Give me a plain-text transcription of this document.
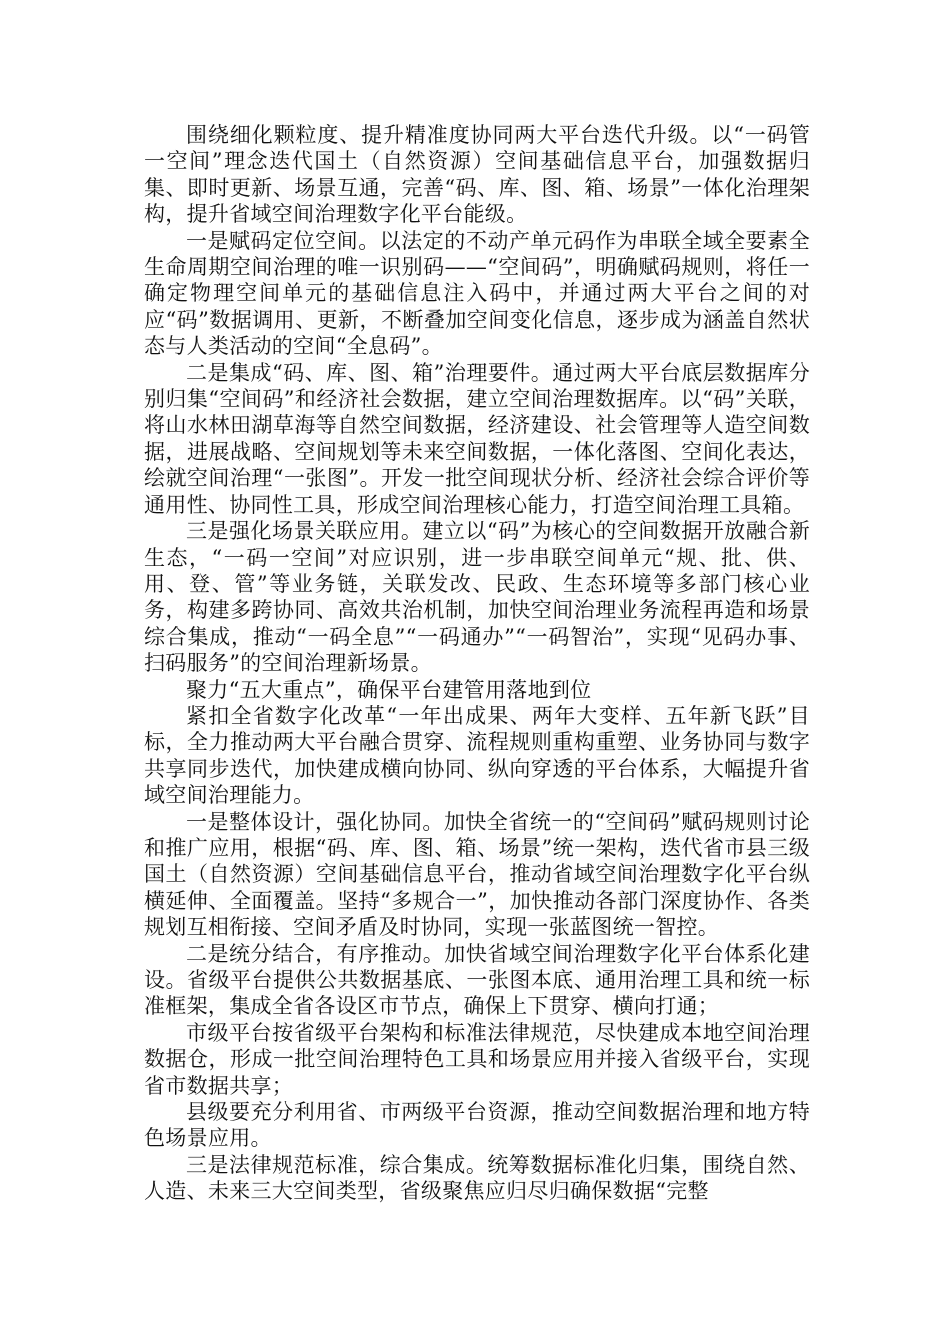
围绕细化颗粒度、提升精准度协同两大平台迭代升级。以“一码管一空间”理念迭代国土（自然资源）空间基础信息平台，加强数据归集、即时更新、场景互通，完善“码、库、图、箱、场景”一体化治理架构，提升省域空间治理数字化平台能级。

一是赋码定位空间。以法定的不动产单元码作为串联全域全要素全生命周期空间治理的唯一识别码——“空间码”，明确赋码规则，将任一确定物理空间单元的基础信息注入码中，并通过两大平台之间的对应“码”数据调用、更新，不断叠加空间变化信息，逐步成为涵盖自然状态与人类活动的空间“全息码”。

二是集成“码、库、图、箱”治理要件。通过两大平台底层数据库分别归集“空间码”和经济社会数据，建立空间治理数据库。以“码”关联，将山水林田湖草海等自然空间数据，经济建设、社会管理等人造空间数据，进展战略、空间规划等未来空间数据，一体化落图、空间化表达，绘就空间治理“一张图”。开发一批空间现状分析、经济社会综合评价等通用性、协同性工具，形成空间治理核心能力，打造空间治理工具箱。

三是强化场景关联应用。建立以“码”为核心的空间数据开放融合新生态，“一码一空间”对应识别，进一步串联空间单元“规、批、供、用、登、管”等业务链，关联发改、民政、生态环境等多部门核心业务，构建多跨协同、高效共治机制，加快空间治理业务流程再造和场景综合集成，推动“一码全息”“一码通办”“一码智治”，实现“见码办事、扫码服务”的空间治理新场景。

聚力“五大重点”，确保平台建管用落地到位

紧扣全省数字化改革“一年出成果、两年大变样、五年新飞跃”目标，全力推动两大平台融合贯穿、流程规则重构重塑、业务协同与数字共享同步迭代，加快建成横向协同、纵向穿透的平台体系，大幅提升省域空间治理能力。

一是整体设计，强化协同。加快全省统一的“空间码”赋码规则讨论和推广应用，根据“码、库、图、箱、场景”统一架构，迭代省市县三级国土（自然资源）空间基础信息平台，推动省域空间治理数字化平台纵横延伸、全面覆盖。坚持“多规合一”，加快推动各部门深度协作、各类规划互相衔接、空间矛盾及时协同，实现一张蓝图统一智控。

二是统分结合，有序推动。加快省域空间治理数字化平台体系化建设。省级平台提供公共数据基底、一张图本底、通用治理工具和统一标准框架，集成全省各设区市节点，确保上下贯穿、横向打通；

市级平台按省级平台架构和标准法律规范，尽快建成本地空间治理数据仓，形成一批空间治理特色工具和场景应用并接入省级平台，实现省市数据共享；

县级要充分利用省、市两级平台资源，推动空间数据治理和地方特色场景应用。

三是法律规范标准，综合集成。统筹数据标准化归集，围绕自然、人造、未来三大空间类型，省级聚焦应归尽归确保数据“完整
